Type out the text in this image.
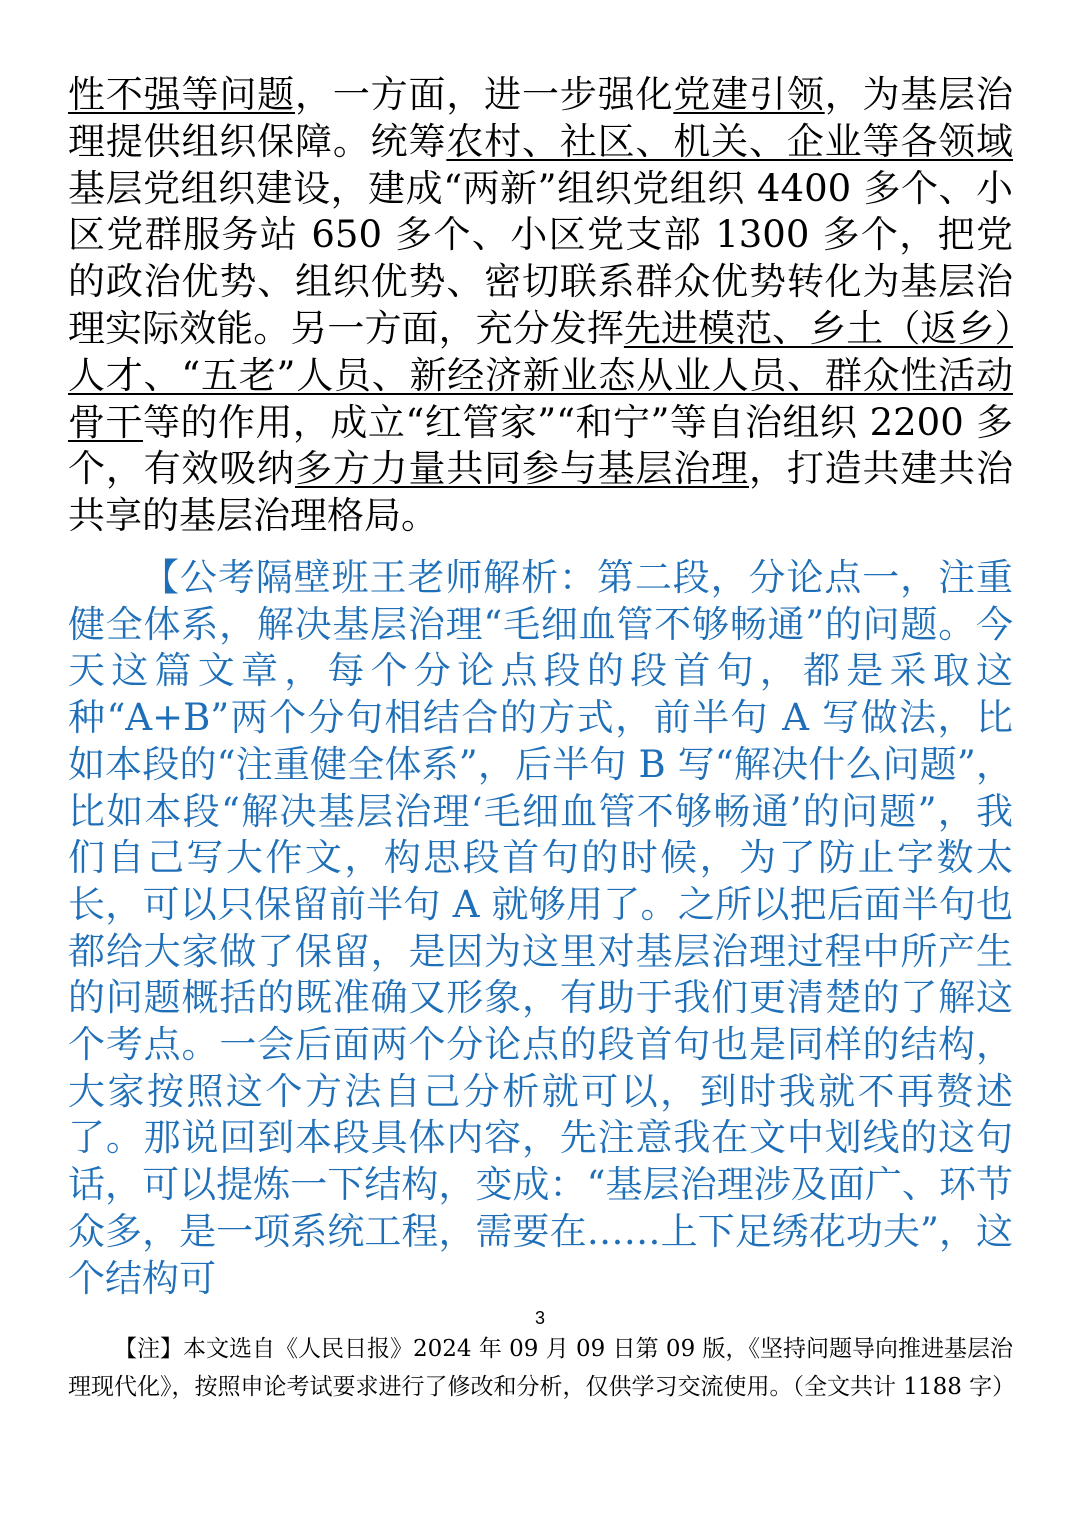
性不强等问题，一方面，进一步强化党建引领，为基层治理提供组织保障。统筹农村、社区、机关、企业等各领域基层党组织建设，建成“两新”组织党组织 4400 多个、小区党群服务站 650 多个、小区党支部 1300 多个，把党的政治优势、组织优势、密切联系群众优势转化为基层治理实际效能。另一方面，充分发挥先进模范、乡土（返乡）人才、“五老”人员、新经济新业态从业人员、群众性活动骨干等的作用，成立“红管家”“和宁”等自治组织 2200 多个，有效吸纳多方力量共同参与基层治理，打造共建共治共享的基层治理格局。
【公考隔壁班王老师解析：第二段，分论点一，注重健全体系，解决基层治理“毛细血管不够畅通”的问题。今天这篇文章，每个分论点段的段首句，都是采取这种“A+B”两个分句相结合的方式，前半句 A 写做法，比如本段的“注重健全体系”，后半句 B 写“解决什么问题”，比如本段“解决基层治理‘毛细血管不够畅通’的问题”，我们自己写大作文，构思段首句的时候，为了防止字数太长，可以只保留前半句 A 就够用了。之所以把后面半句也都给大家做了保留，是因为这里对基层治理过程中所产生的问题概括的既准确又形象，有助于我们更清楚的了解这个考点。一会后面两个分论点的段首句也是同样的结构，大家按照这个方法自己分析就可以，到时我就不再赘述了。那说回到本段具体内容，先注意我在文中划线的这句话，可以提炼一下结构，变成：“基层治理涉及面广、环节众多，是一项系统工程，需要在……上下足绣花功夫”，这个结构可
3
【注】本文选自《人民日报》2024 年 09 月 09 日第 09 版，《坚持问题导向推进基层治理现代化》，按照申论考试要求进行了修改和分析，仅供学习交流使用。（全文共计 1188 字）
